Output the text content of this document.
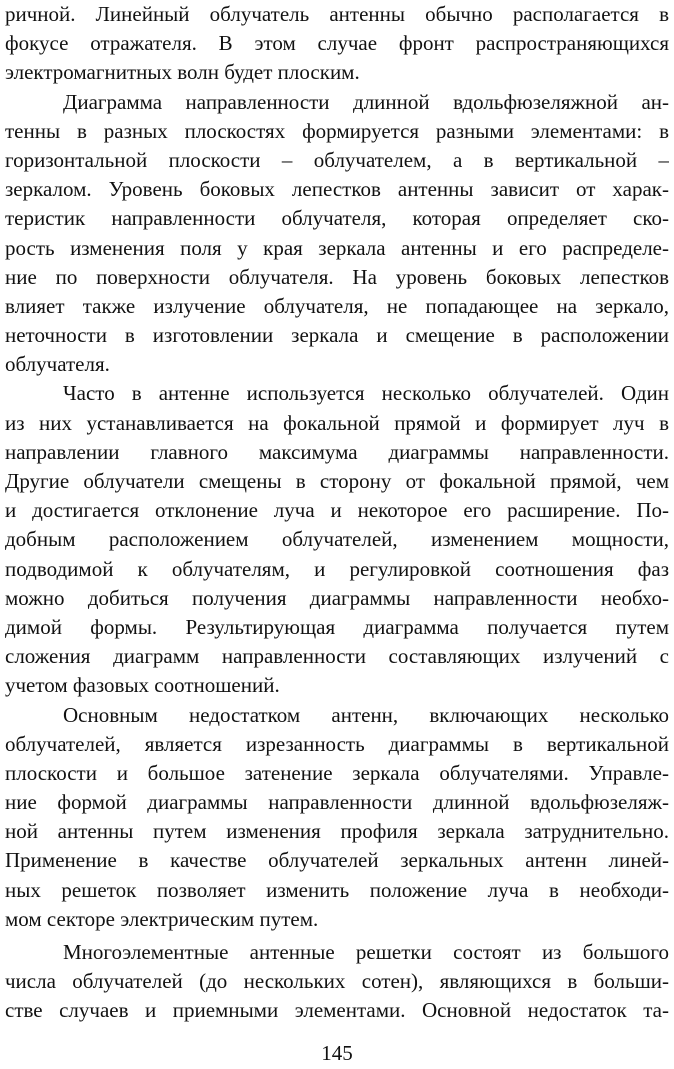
ричной. Линейный облучатель антенны обычно располагается в
фокусе отражателя. В этом случае фронт распространяющихся
электромагнитных волн будет плоским.
Диаграмма направленности длинной вдольфюзеляжной ан-
тенны в разных плоскостях формируется разными элементами: в
горизонтальной плоскости – облучателем, а в вертикальной –
зеркалом. Уровень боковых лепестков антенны зависит от харак-
теристик направленности облучателя, которая определяет ско-
рость изменения поля у края зеркала антенны и его распределе-
ние по поверхности облучателя. На уровень боковых лепестков
влияет также излучение облучателя, не попадающее на зеркало,
неточности в изготовлении зеркала и смещение в расположении
облучателя.
Часто в антенне используется несколько облучателей. Один
из них устанавливается на фокальной прямой и формирует луч в
направлении главного максимума диаграммы направленности.
Другие облучатели смещены в сторону от фокальной прямой, чем
и достигается отклонение луча и некоторое его расширение. По-
добным расположением облучателей, изменением мощности,
подводимой к облучателям, и регулировкой соотношения фаз
можно добиться получения диаграммы направленности необхо-
димой формы. Результирующая диаграмма получается путем
сложения диаграмм направленности составляющих излучений с
учетом фазовых соотношений.
Основным недостатком антенн, включающих несколько
облучателей, является изрезанность диаграммы в вертикальной
плоскости и большое затенение зеркала облучателями. Управле-
ние формой диаграммы направленности длинной вдольфюзеляж-
ной антенны путем изменения профиля зеркала затруднительно.
Применение в качестве облучателей зеркальных антенн линей-
ных решеток позволяет изменить положение луча в необходи-
мом секторе электрическим путем.
Многоэлементные антенные решетки состоят из большого
числа облучателей (до нескольких сотен), являющихся в больши-
стве случаев и приемными элементами. Основной недостаток та-
145
